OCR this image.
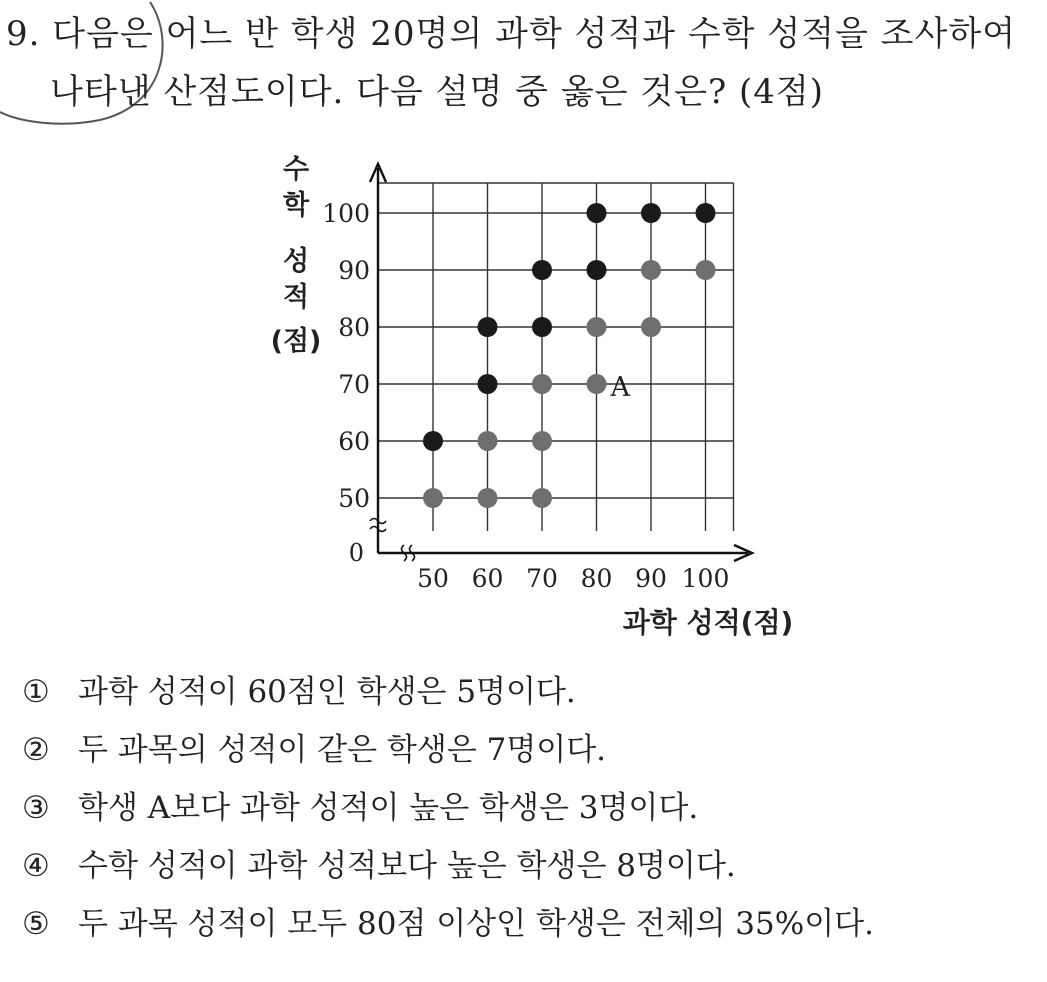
9. 다음은 어느 반 학생 20명의 과학 성적과 수학 성적을 조사하여
나타낸 산점도이다. 다음 설명 중 옳은 것은? (4점)
100
90
80
70
60
50
50 60 70 80 90 100
0
A
수
학
성
적
(점)
과학 성적(점)
① 과학 성적이 60점인 학생은 5명이다.
② 두 과목의 성적이 같은 학생은 7명이다.
③ 학생 A보다 과학 성적이 높은 학생은 3명이다.
④ 수학 성적이 과학 성적보다 높은 학생은 8명이다.
⑤ 두 과목 성적이 모두 80점 이상인 학생은 전체의 35%이다.
